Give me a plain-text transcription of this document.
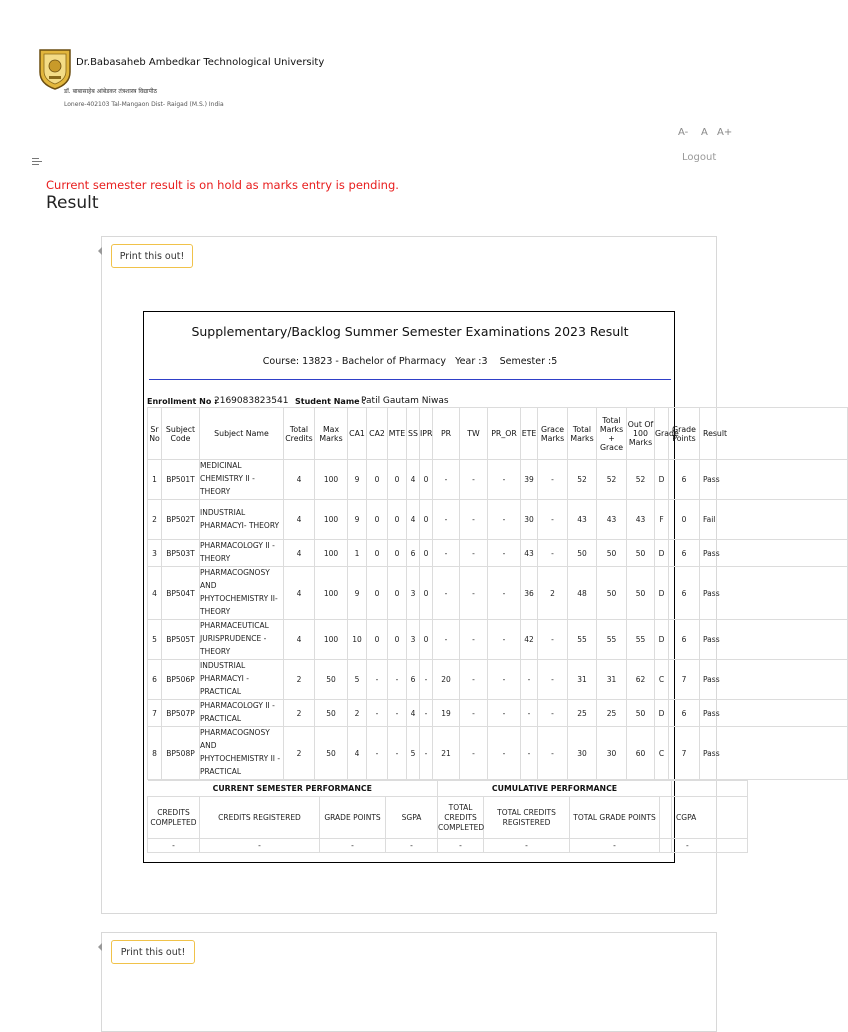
Dr.Babasaheb Ambedkar Technological University
डॉ. बाबासाहेब आंबेडकर तंत्रशास्त्र विद्यापीठ
Lonere-402103 Tal-Mangaon Dist- Raigad (M.S.) India
A- A A+
Logout
Current semester result is on hold as marks entry is pending.
Result
Print this out!
Supplementary/Backlog Summer Semester Examinations 2023 Result
Course: 13823 - Bachelor of Pharmacy   Year :3    Semester :5
Enrollment No :
2169083823541 Student Name :
Patil Gautam Niwas
Sr No	Subject Code	Subject Name	Total Credits	Max Marks	CA1	CA2	MTE	SS	IPR	PR	TW	PR_OR	ETE	Grace Marks	Total Marks	Total Marks + Grace	Out Of 100 Marks	Grade	Grade Points	Result
1	BP501T	MEDICINAL CHEMISTRY II - THEORY	4	100	9	0	0	4	0	-	-	-	39	-	52	52	52	D	6	Pass
2	BP502T	INDUSTRIAL PHARMACYI- THEORY	4	100	9	0	0	4	0	-	-	-	30	-	43	43	43	F	0	Fail
3	BP503T	PHARMACOLOGY II - THEORY	4	100	1	0	0	6	0	-	-	-	43	-	50	50	50	D	6	Pass
4	BP504T	PHARMACOGNOSY AND PHYTOCHEMISTRY II- THEORY	4	100	9	0	0	3	0	-	-	-	36	2	48	50	50	D	6	Pass
5	BP505T	PHARMACEUTICAL JURISPRUDENCE - THEORY	4	100	10	0	0	3	0	-	-	-	42	-	55	55	55	D	6	Pass
6	BP506P	INDUSTRIAL PHARMACYI - PRACTICAL	2	50	5	-	-	6	-	20	-	-	-	-	31	31	62	C	7	Pass
7	BP507P	PHARMACOLOGY II - PRACTICAL	2	50	2	-	-	4	-	19	-	-	-	-	25	25	50	D	6	Pass
8	BP508P	PHARMACOGNOSY AND PHYTOCHEMISTRY II -PRACTICAL	2	50	4	-	-	5	-	21	-	-	-	-	30	30	60	C	7	Pass
CURRENT SEMESTER PERFORMANCE				CUMULATIVE PERFORMANCE				
CREDITS COMPLETED	CREDITS REGISTERED	GRADE POINTS	SGPA	TOTAL CREDITS COMPLETED	TOTAL CREDITS REGISTERED	TOTAL GRADE POINTS		CGPA
-	-	-	-	-	-	-		-
Print this out!
